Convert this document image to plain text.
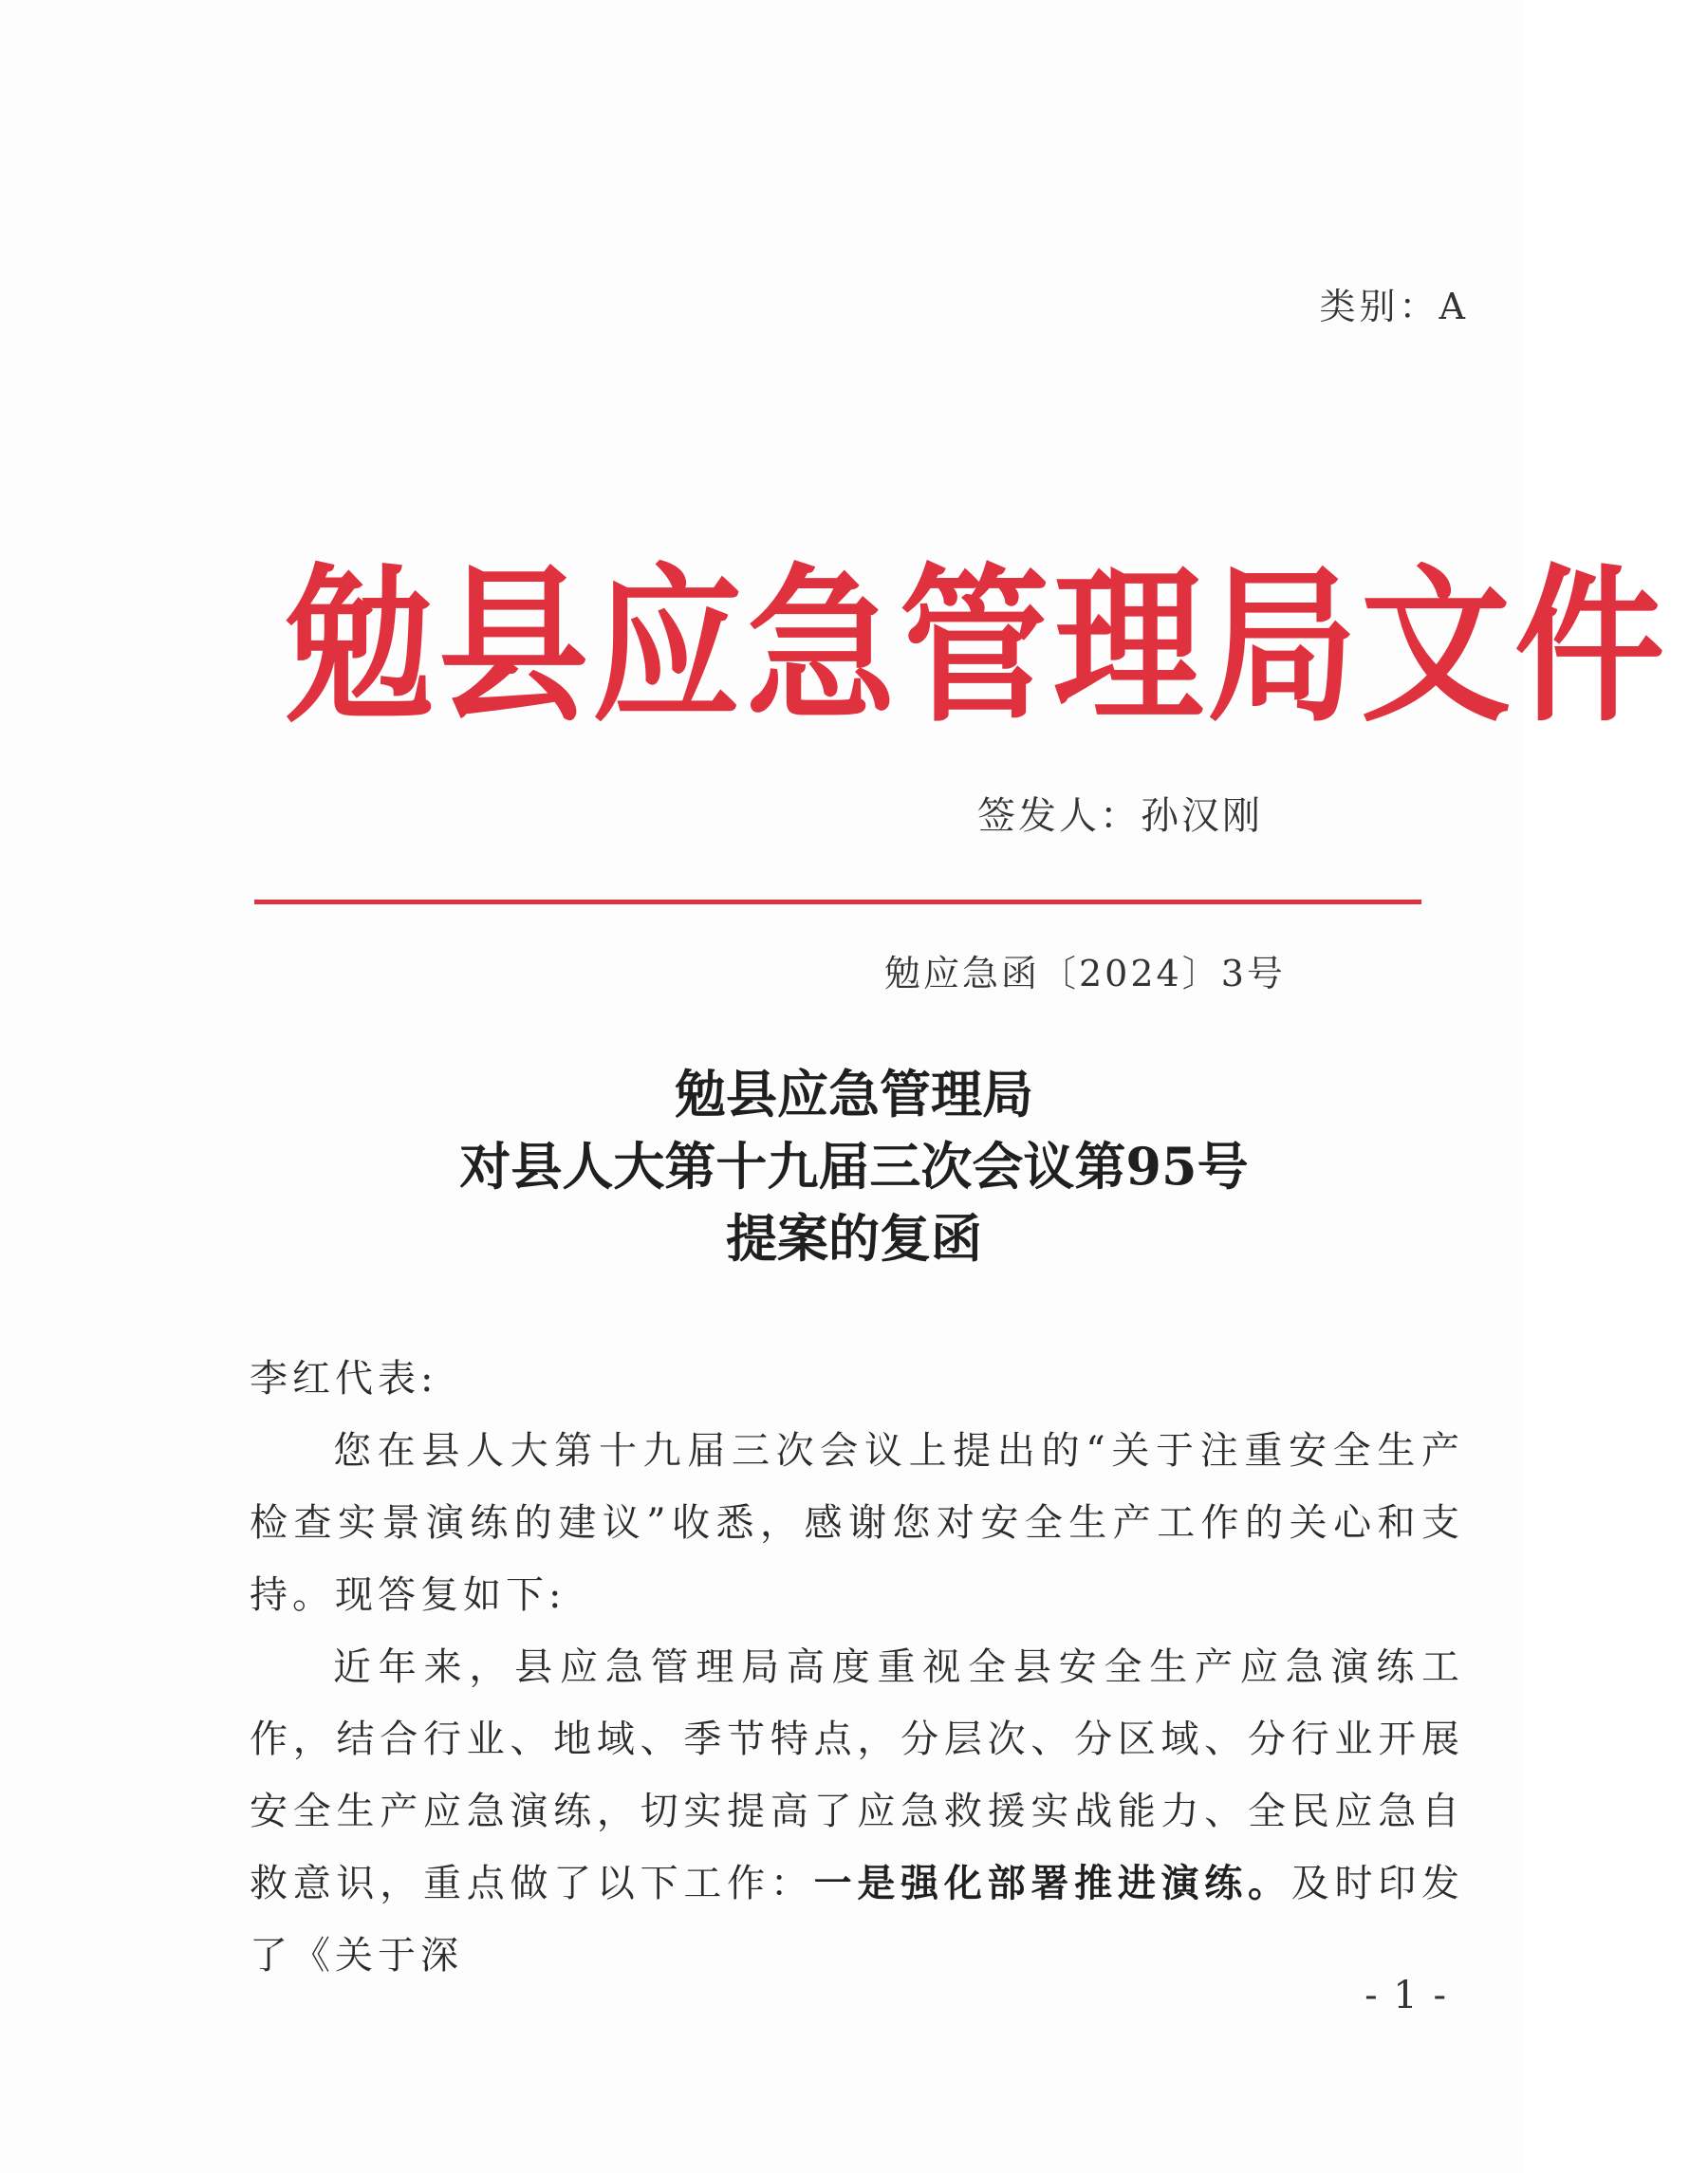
类别：A
勉县应急管理局文件
签发人：孙汉刚
勉应急函〔2024〕3号
勉县应急管理局
对县人大第十九届三次会议第95号
提案的复函

李红代表:

您在县人大第十九届三次会议上提出的“关于注重安全生产检查实景演练的建议”收悉，感谢您对安全生产工作的关心和支持。现答复如下:

近年来，县应急管理局高度重视全县安全生产应急演练工作，结合行业、地域、季节特点，分层次、分区域、分行业开展安全生产应急演练，切实提高了应急救援实战能力、全民应急自救意识，重点做了以下工作：一是强化部署推进演练。及时印发了《关于深

- 1 -
